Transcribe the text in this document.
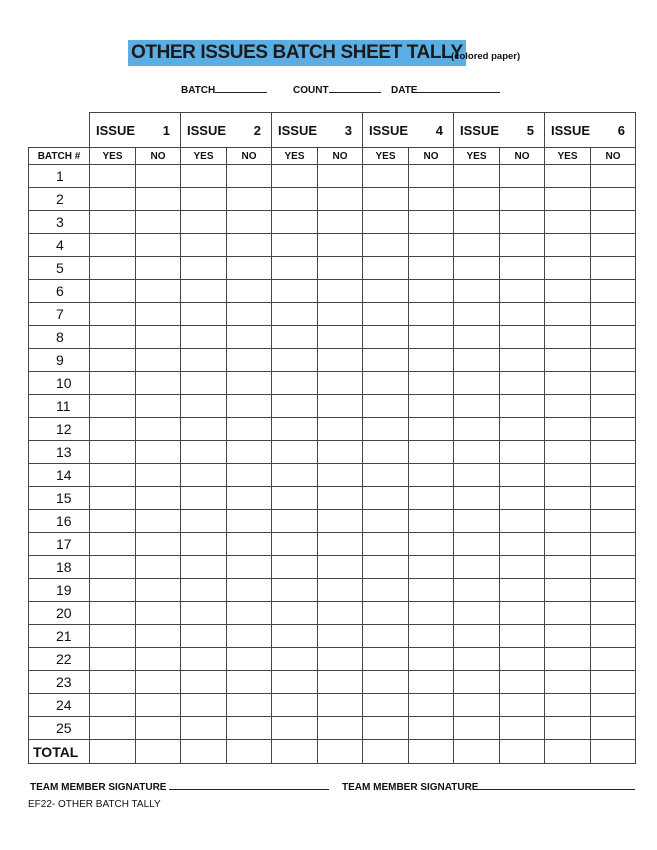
OTHER ISSUES BATCH SHEET TALLY
(colored paper)
BATCH	COUNT	DATE

	ISSUE 1		ISSUE 2		ISSUE 3		ISSUE 4		ISSUE 5		ISSUE 6	

BATCH #	YES	NO	YES	NO	YES	NO	YES	NO	YES	NO	YES	NO
1												
2												
3												
4												
5												
6												
7												
8												
9												
10												
11												
12												
13												
14												
15												
16												
17												
18												
19												
20												
21												
22												
23												
24												
25												
TOTAL												
TEAM MEMBER SIGNATURE	TEAM MEMBER SIGNATURE
EF22- OTHER BATCH TALLY
